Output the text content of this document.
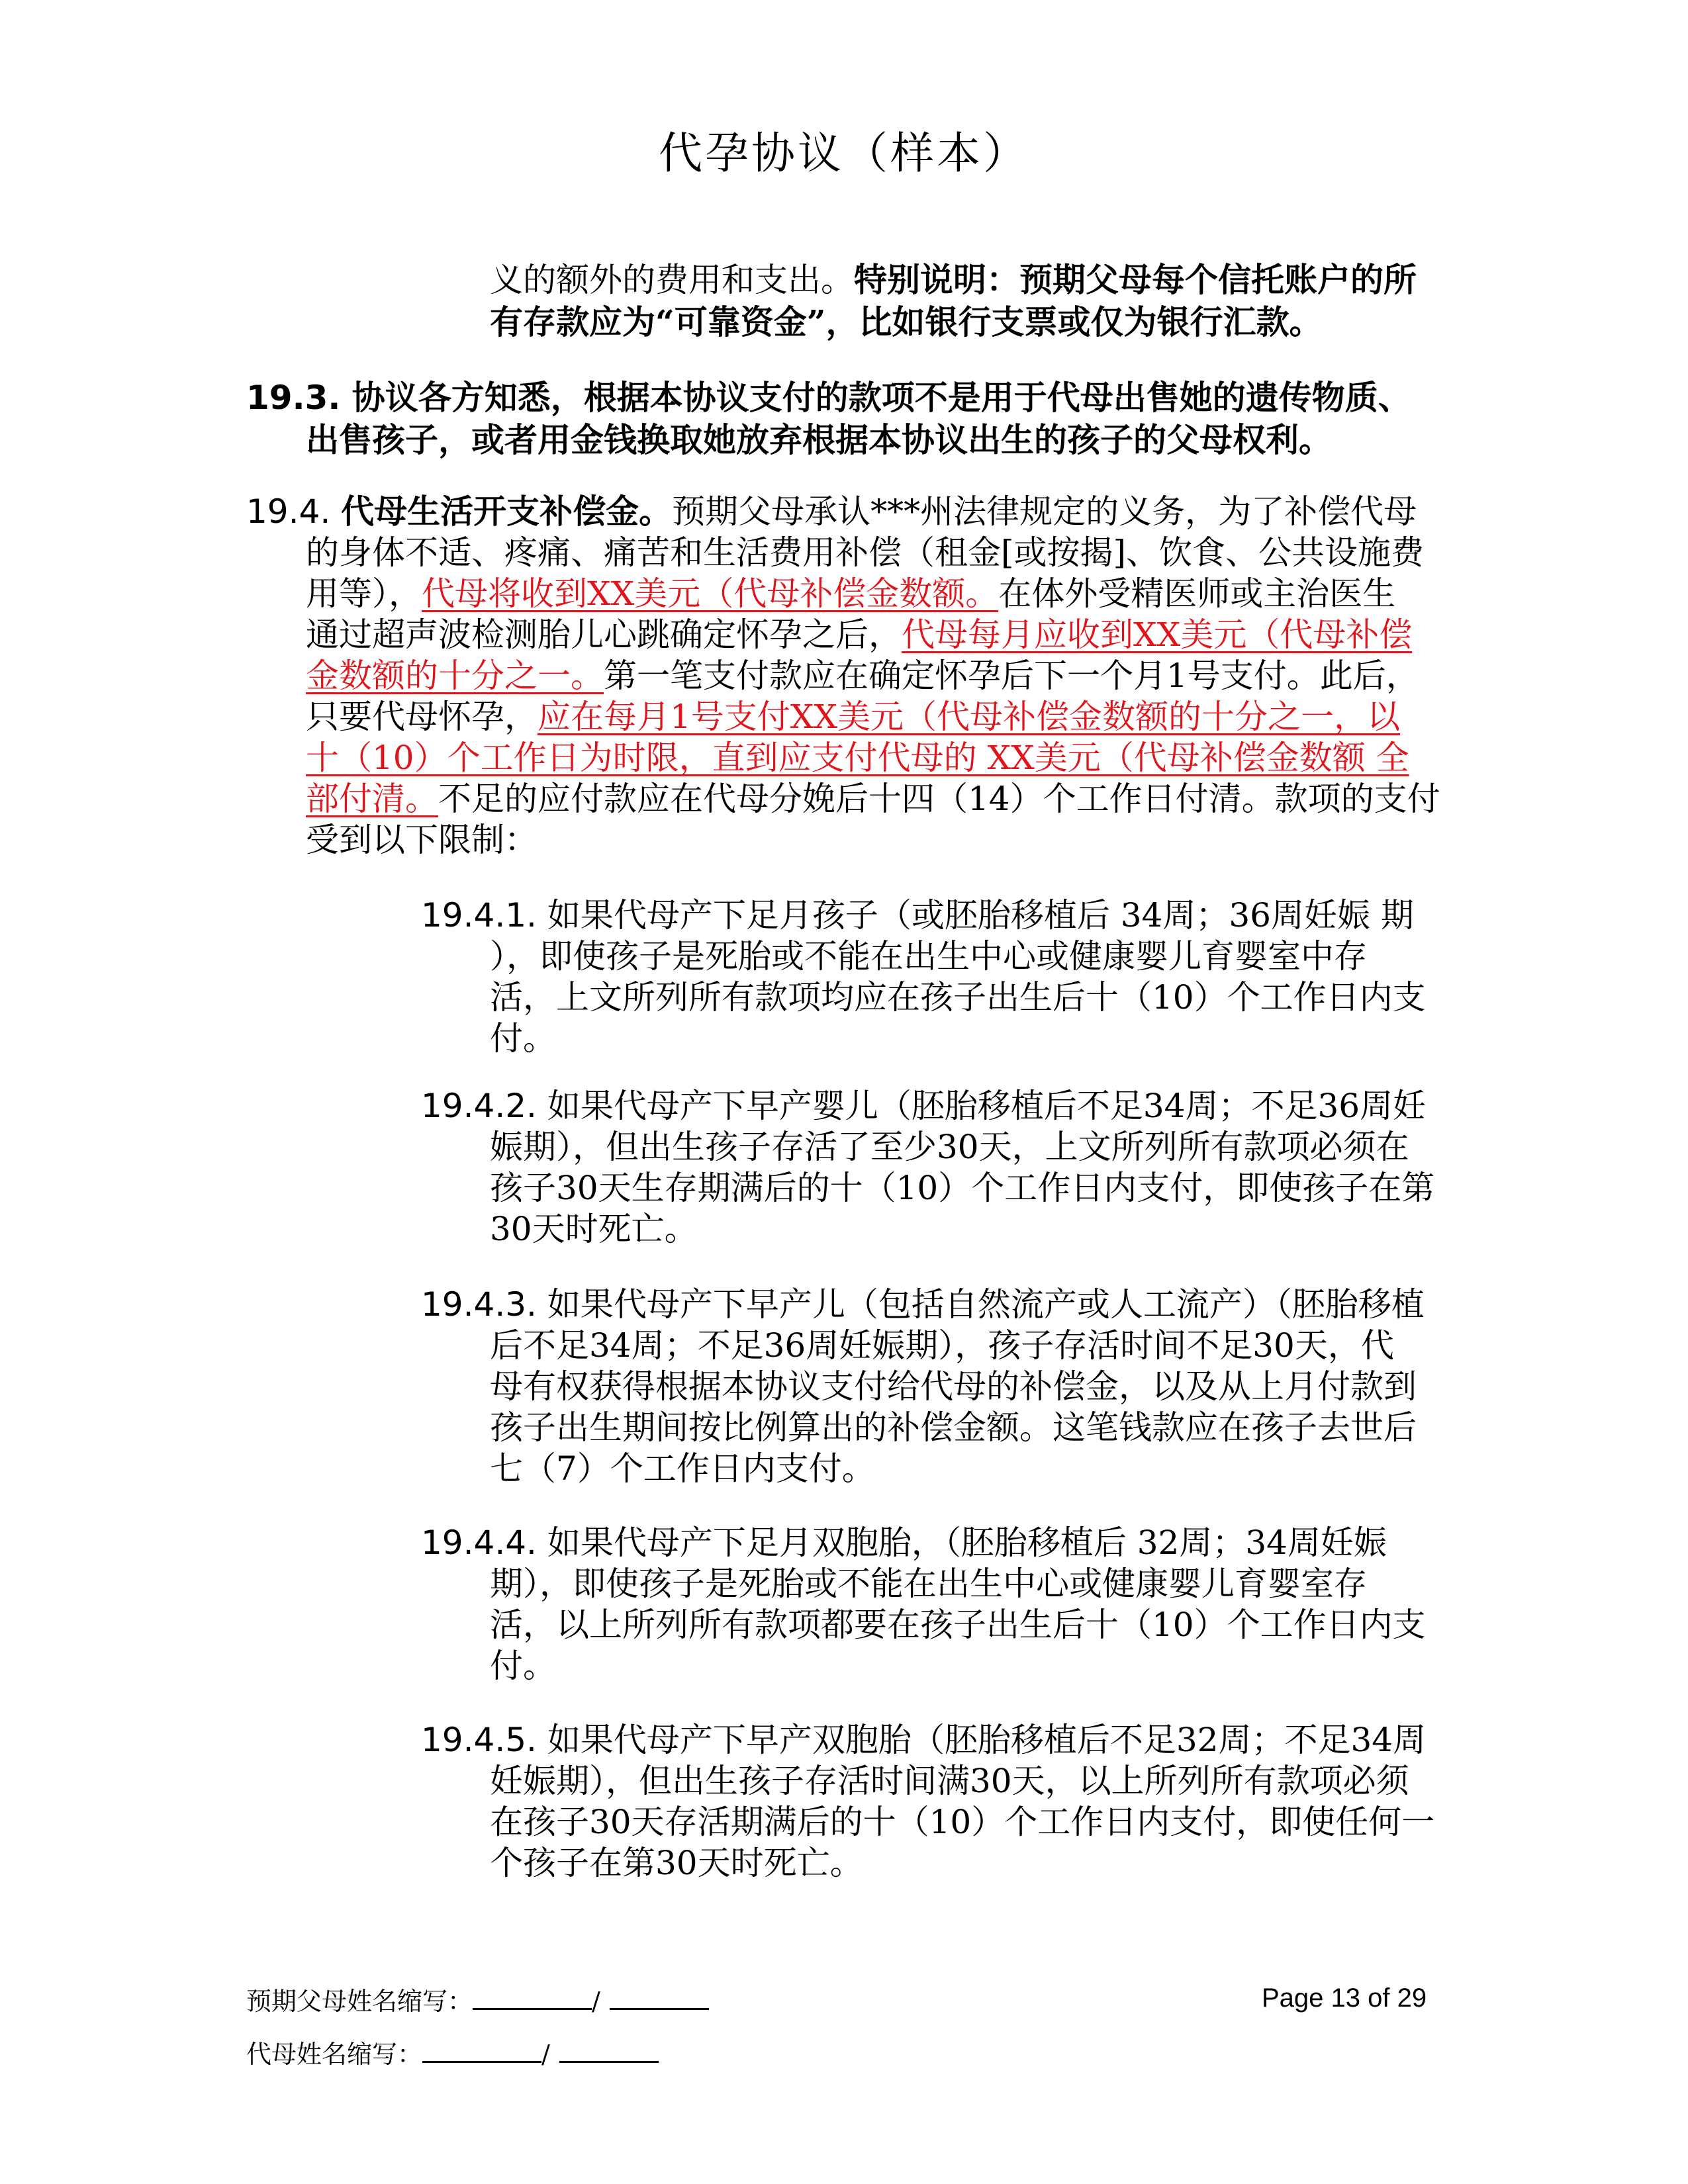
代孕协议（样本）
义的额外的费用和支出。特别说明：预期父母每个信托账户的所
有存款应为“可靠资金”，比如银行支票或仅为银行汇款。
19.3. 协议各方知悉，根据本协议支付的款项不是用于代母出售她的遗传物质、
出售孩子，或者用金钱换取她放弃根据本协议出生的孩子的父母权利。
19.4. 代母生活开支补偿金。预期父母承认***州法律规定的义务，为了补偿代母
的身体不适、疼痛、痛苦和生活费用补偿（租金[或按揭]、饮食、公共设施费
用等），代母将收到XX美元（代母补偿金数额。在体外受精医师或主治医生
通过超声波检测胎儿心跳确定怀孕之后，代母每月应收到XX美元（代母补偿
金数额的十分之一。第一笔支付款应在确定怀孕后下一个月1号支付。此后，
只要代母怀孕，应在每月1号支付XX美元（代母补偿金数额的十分之一，以
十（10）个工作日为时限，直到应支付代母的 XX美元（代母补偿金数额 全
部付清。不足的应付款应在代母分娩后十四（14）个工作日付清。款项的支付
受到以下限制：
19.4.1. 如果代母产下足月孩子（或胚胎移植后 34周；36周妊娠 期
），即使孩子是死胎或不能在出生中心或健康婴儿育婴室中存
活，上文所列所有款项均应在孩子出生后十（10）个工作日内支
付。
19.4.2. 如果代母产下早产婴儿（胚胎移植后不足34周；不足36周妊
娠期），但出生孩子存活了至少30天，上文所列所有款项必须在
孩子30天生存期满后的十（10）个工作日内支付，即使孩子在第
30天时死亡。
19.4.3. 如果代母产下早产儿（包括自然流产或人工流产）（胚胎移植
后不足34周；不足36周妊娠期），孩子存活时间不足30天，代
母有权获得根据本协议支付给代母的补偿金，以及从上月付款到
孩子出生期间按比例算出的补偿金额。这笔钱款应在孩子去世后
七（7）个工作日内支付。
19.4.4. 如果代母产下足月双胞胎，（胚胎移植后 32周；34周妊娠
期），即使孩子是死胎或不能在出生中心或健康婴儿育婴室存
活，以上所列所有款项都要在孩子出生后十（10）个工作日内支
付。
19.4.5. 如果代母产下早产双胞胎（胚胎移植后不足32周；不足34周
妊娠期），但出生孩子存活时间满30天，以上所列所有款项必须
在孩子30天存活期满后的十（10）个工作日内支付，即使任何一
个孩子在第30天时死亡。
预期父母姓名缩写：	/	Page 13 of 29
代母姓名缩写：	/
